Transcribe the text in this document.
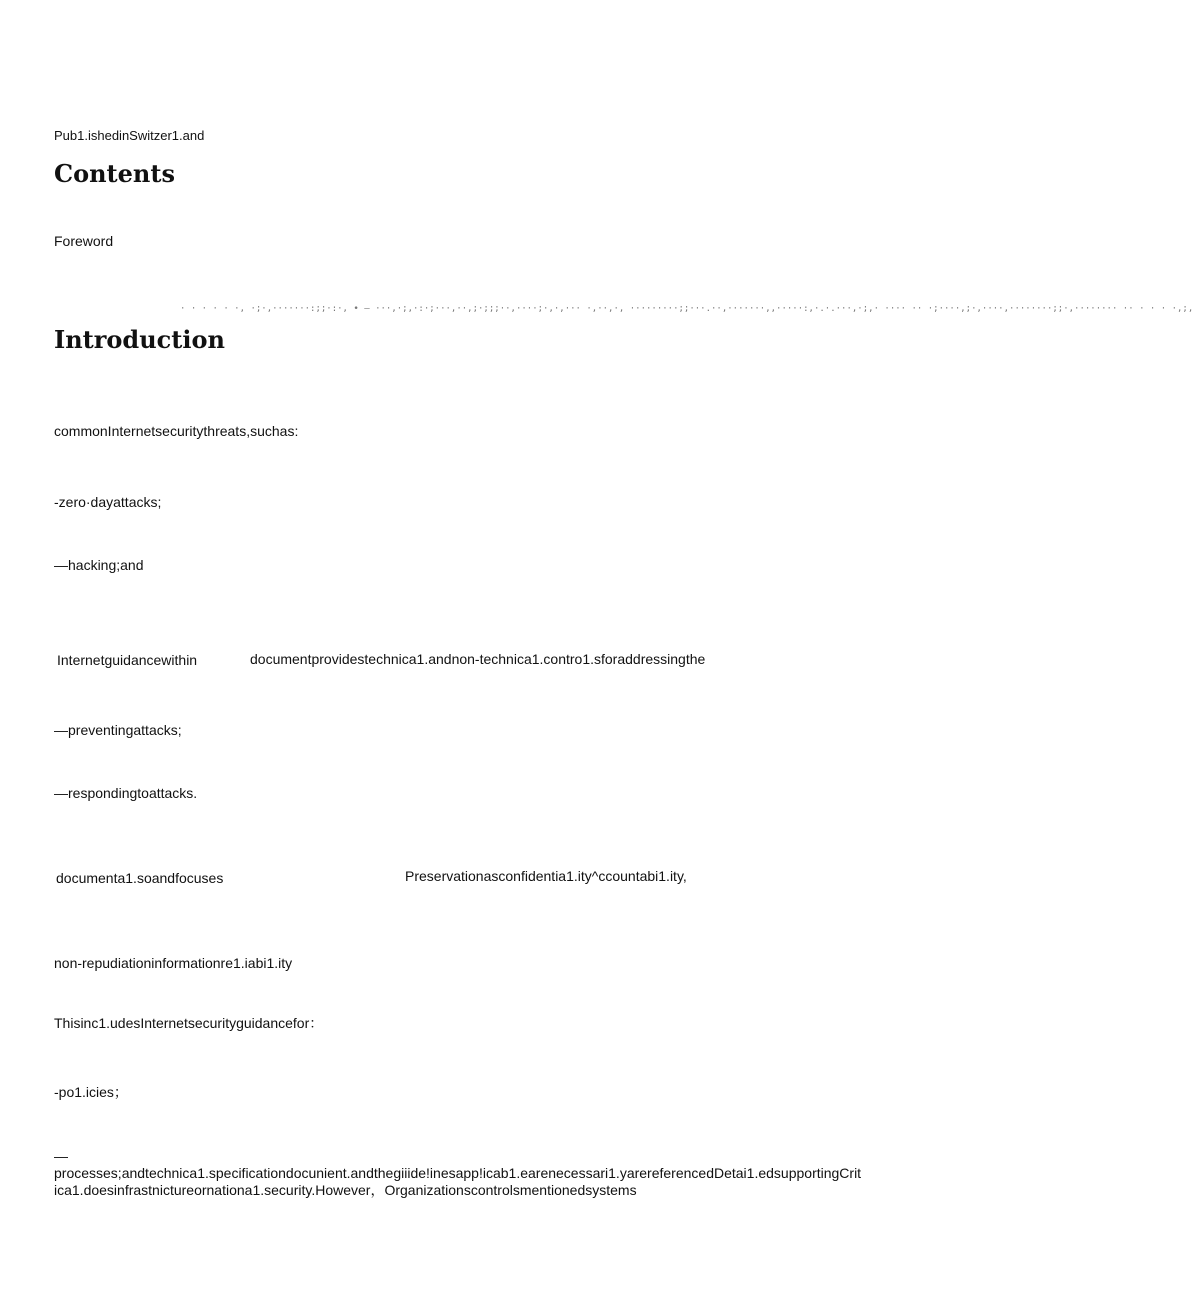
Pub1.ishedinSwitzer1.and
Contents
Foreword
· · · · · ·, ·;·,·······:;;·:·, • — ···,·;,·:·;···,··,;·;;;··,····;·,·,··· ·,··,·, ·········;;···.··,·······,,·····:,·.·.···,·;,· ···· ·· ·;····,;·,····,········;;·,········ ·· · · · ·,;,
Introduction
commonInternetsecuritythreats,suchas:
-zero·dayattacks;
—hacking;and
Internetguidancewithin	documentprovidestechnica1.andnon-technica1.contro1.sforaddressingthe
—preventingattacks;
—respondingtoattacks.
documenta1.soandfocuses	Preservationasconfidentia1.ity^ccountabi1.ity,
non-repudiationinformationre1.iabi1.ity
Thisinc1.udesInternetsecurityguidancefor：
-po1.icies；
—
processes;andtechnica1.specificationdocunient.andthegiiide!inesapp!icab1.earenecessari1.yarereferencedDetai1.edsupportingCritica1.doesinfrastnictureornationa1.security.However，Organizationscontrolsmentionedsystems
